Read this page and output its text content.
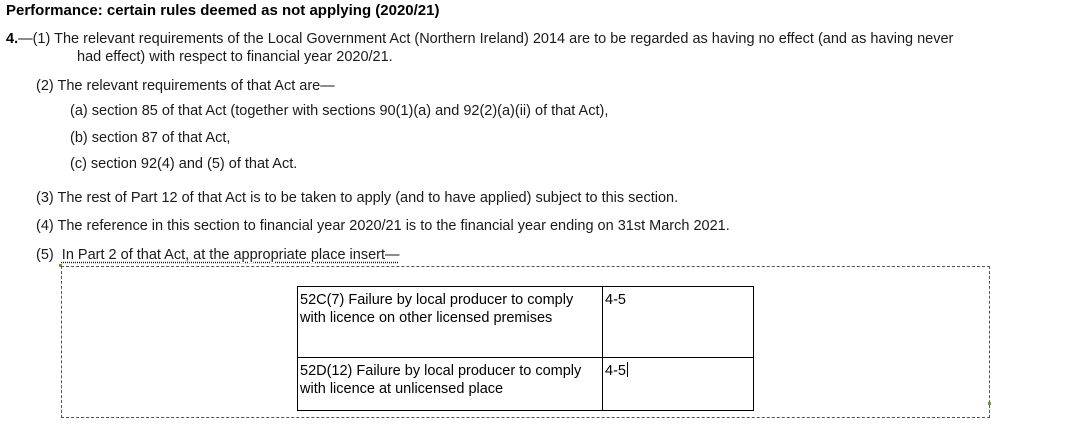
Performance: certain rules deemed as not applying (2020/21)
4.—(1) The relevant requirements of the Local Government Act (Northern Ireland) 2014 are to be regarded as having no effect (and as having never
had effect) with respect to financial year 2020/21.
(2) The relevant requirements of that Act are—
(a) section 85 of that Act (together with sections 90(1)(a) and 92(2)(a)(ii) of that Act),
(b) section 87 of that Act,
(c) section 92(4) and (5) of that Act.
(3) The rest of Part 12 of that Act is to be taken to apply (and to have applied) subject to this section.
(4) The reference in this section to financial year 2020/21 is to the financial year ending on 31st March 2021.
(5) In Part 2 of that Act, at the appropriate place insert—
52C(7) Failure by local producer to comply with licence on other licensed premises	4-5
52D(12) Failure by local producer to comply with licence at unlicensed place	4-5
